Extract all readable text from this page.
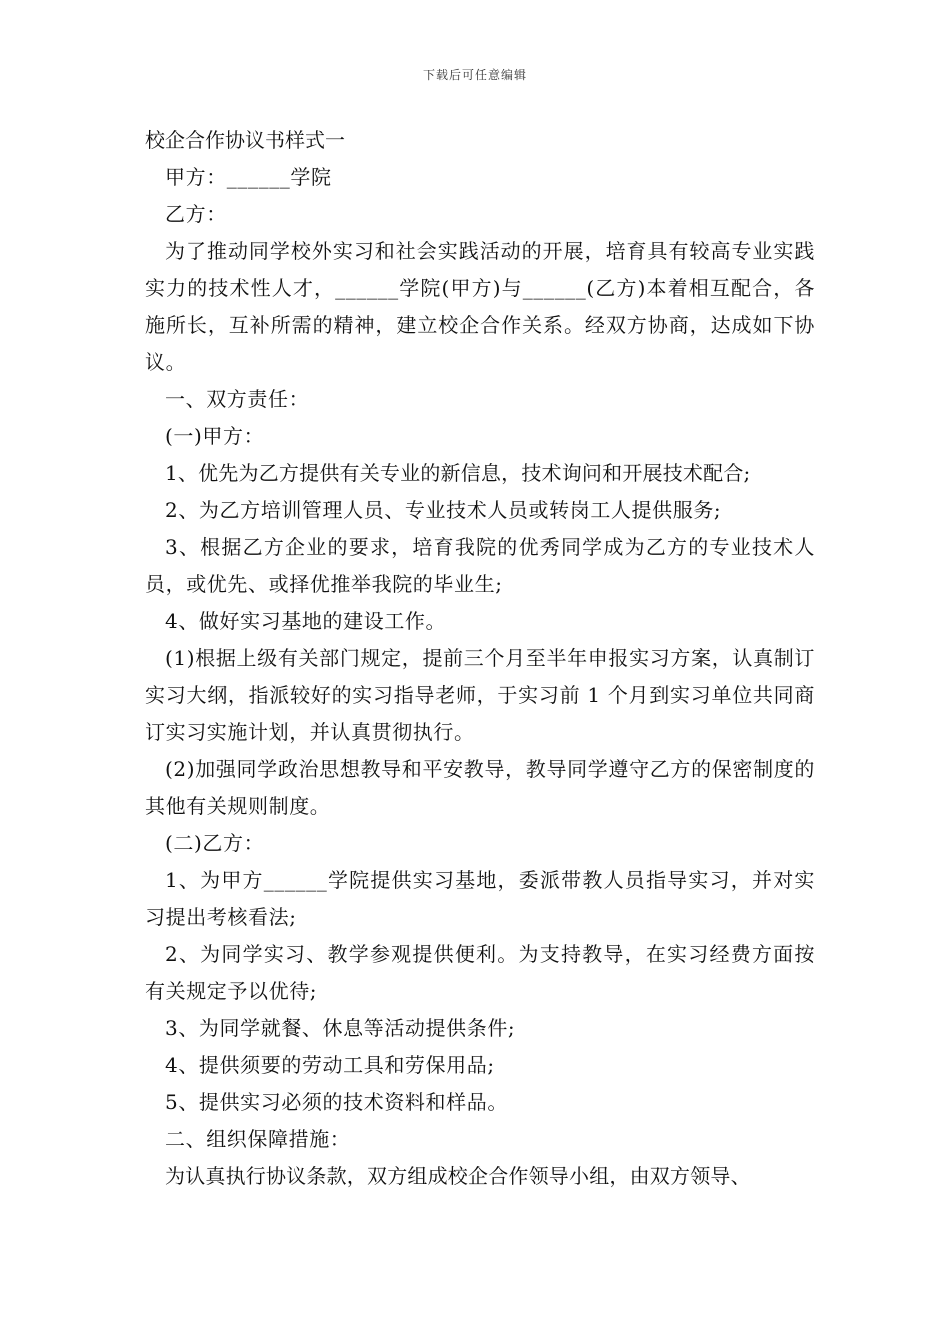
下载后可任意编辑

校企合作协议书样式一

甲方：______学院

乙方：

为了推动同学校外实习和社会实践活动的开展，培育具有较高专业实践实力的技术性人才，______学院(甲方)与______(乙方)本着相互配合，各施所长，互补所需的精神，建立校企合作关系。经双方协商，达成如下协议。

一、双方责任：

(一)甲方：

1、优先为乙方提供有关专业的新信息，技术询问和开展技术配合;

2、为乙方培训管理人员、专业技术人员或转岗工人提供服务;

3、根据乙方企业的要求，培育我院的优秀同学成为乙方的专业技术人员，或优先、或择优推举我院的毕业生;

4、做好实习基地的建设工作。

(1)根据上级有关部门规定，提前三个月至半年申报实习方案，认真制订实习大纲，指派较好的实习指导老师，于实习前 1 个月到实习单位共同商订实习实施计划，并认真贯彻执行。

(2)加强同学政治思想教导和平安教导，教导同学遵守乙方的保密制度的其他有关规则制度。

(二)乙方：

1、为甲方______学院提供实习基地，委派带教人员指导实习，并对实习提出考核看法;

2、为同学实习、教学参观提供便利。为支持教导，在实习经费方面按有关规定予以优待;

3、为同学就餐、休息等活动提供条件;

4、提供须要的劳动工具和劳保用品;

5、提供实习必须的技术资料和样品。

二、组织保障措施：

为认真执行协议条款，双方组成校企合作领导小组，由双方领导、
